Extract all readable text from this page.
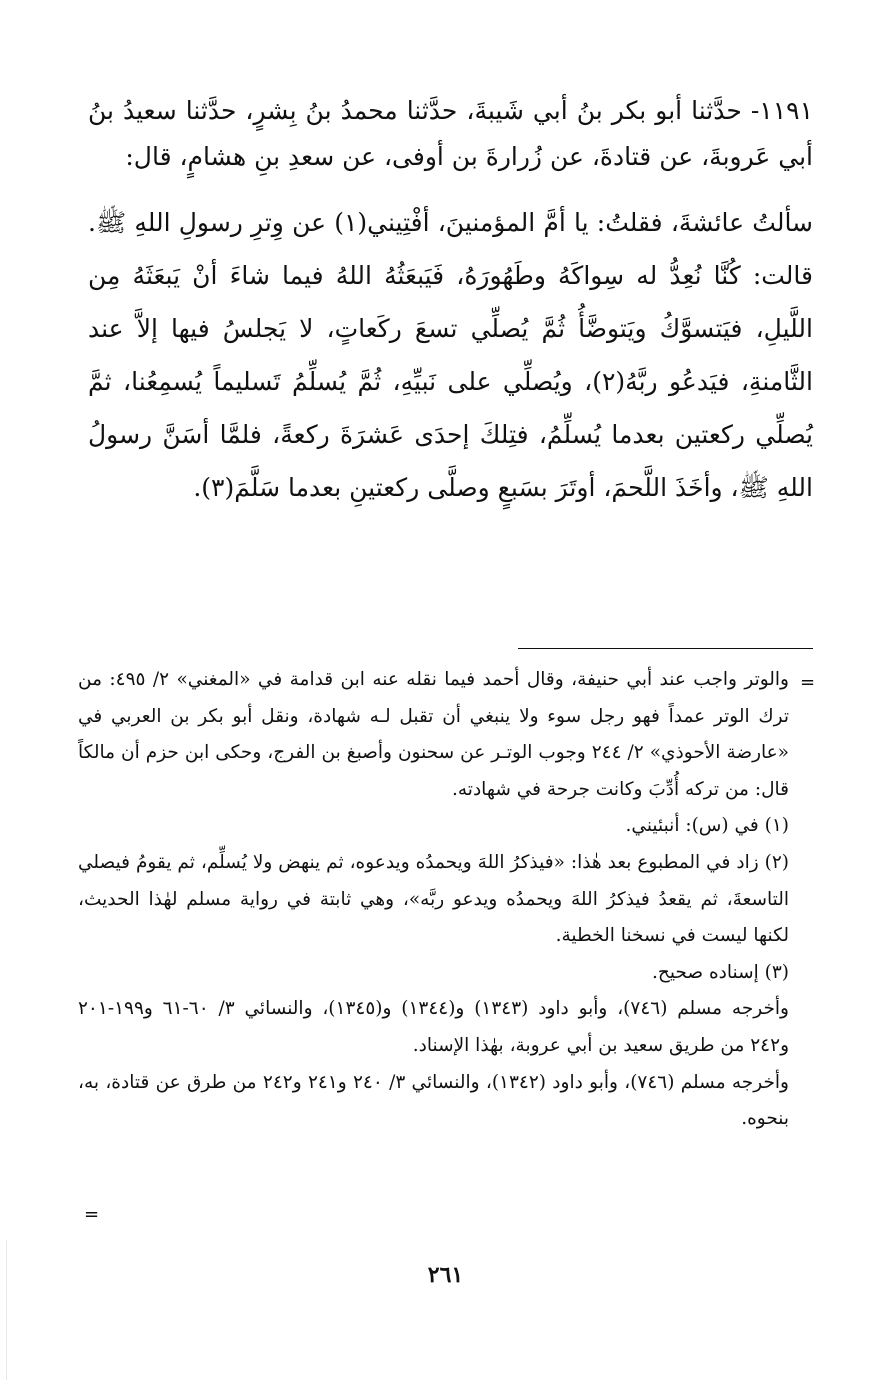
١١٩١- حدَّثنا أبو بكر بنُ أبي شَيبةَ، حدَّثنا محمدُ بنُ بِشرٍ، حدَّثنا سعيدُ بنُ أبي عَروبةَ، عن قتادةَ، عن زُرارةَ بن أوفى، عن سعدِ بنِ هشامٍ، قال:

سألتُ عائشةَ، فقلتُ: يا أمَّ المؤمنينَ، أفْتِيني(١) عن وِترِ رسولِ اللهِ ﷺ. قالت: كُنَّا نُعِدُّ له سِواكَهُ وطَهُورَهُ، فَيَبعَثُهُ اللهُ فيما شاءَ أنْ يَبعَثَهُ مِن اللَّيلِ، فيَتسوَّكُ ويَتوضَّأُ ثُمَّ يُصلِّي تسعَ ركَعاتٍ، لا يَجلسُ فيها إلاَّ عند الثَّامنةِ، فيَدعُو ربَّهُ(٢)، ويُصلِّي على نَبيِّهِ، ثُمَّ يُسلِّمُ تَسليماً يُسمِعُنا، ثمَّ يُصلِّي ركعتين بعدما يُسلِّمُ، فتِلكَ إحدَى عَشرَةَ ركعةً، فلمَّا أسَنَّ رسولُ اللهِ ﷺ، وأخَذَ اللَّحمَ، أوتَرَ بسَبعٍ وصلَّى ركعتينِ بعدما سَلَّمَ(٣).

=

والوتر واجب عند أبي حنيفة، وقال أحمد فيما نقله عنه ابن قدامة في «المغني» ٢/ ٤٩٥: من ترك الوتر عمداً فهو رجل سوء ولا ينبغي أن تقبل لـه شهادة، ونقل أبو بكر بن العربي في «عارضة الأحوذي» ٢/ ٢٤٤ وجوب الوتـر عن سحنون وأصبغ بن الفرج، وحكى ابن حزم أن مالكاً قال: من تركه أُدِّبَ وكانت جرحة في شهادته.

(١) في (س): أنبئيني.

(٢) زاد في المطبوع بعد هٰذا: «فيذكرُ اللهَ ويحمدُه ويدعوه، ثم ينهض ولا يُسلِّم، ثم يقومُ فيصلي التاسعةَ، ثم يقعدُ فيذكرُ اللهَ ويحمدُه ويدعو ربَّه»، وهي ثابتة في رواية مسلم لهٰذا الحديث، لكنها ليست في نسخنا الخطية.

(٣) إسناده صحيح.

وأخرجه مسلم (٧٤٦)، وأبو داود (١٣٤٣) و(١٣٤٤) و(١٣٤٥)، والنسائي ٣/ ٦٠-٦١ و١٩٩-٢٠١ و٢٤٢ من طريق سعيد بن أبي عروبة، بهٰذا الإسناد.

وأخرجه مسلم (٧٤٦)، وأبو داود (١٣٤٢)، والنسائي ٣/ ٢٤٠ و٢٤١ و٢٤٢ من طرق عن قتادة، به، بنحوه.

=
٢٦١
